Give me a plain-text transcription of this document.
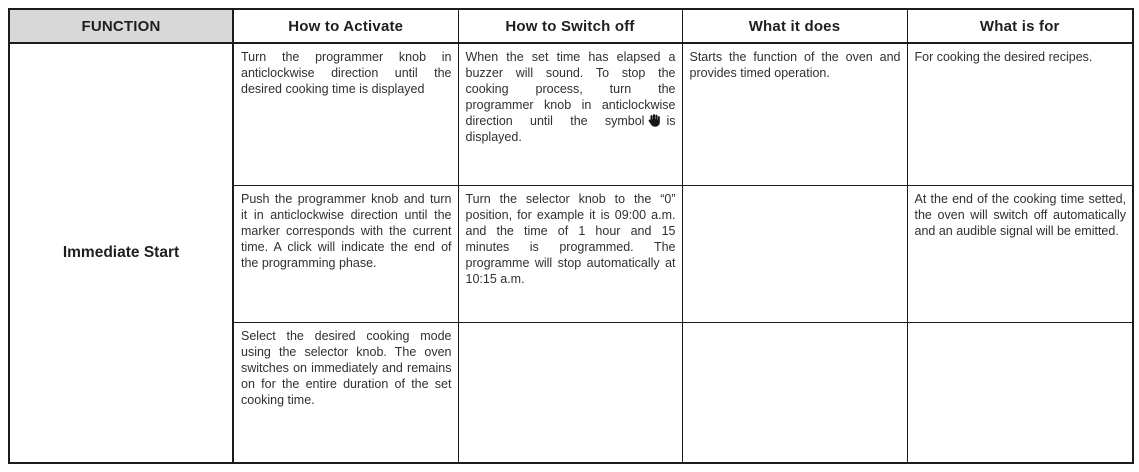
FUNCTION	How to Activate	How to Switch off	What it does	What is for
Immediate Start	Turn the programmer knob in anticlockwise direction until the desired cooking time is displayed	When the set time has elapsed a buzzer will sound. To stop the cooking process, turn the programmer knob in anticlockwise direction until the symbol is displayed.	Starts the function of the oven and provides timed operation.	For cooking the desired recipes.
	Push the programmer knob and turn it in anticlockwise direction until the marker corresponds with the current time. A click will indicate the end of the programming phase.	Turn the selector knob to the “0” position, for example it is 09:00 a.m. and the time of 1 hour and 15 minutes is programmed. The programme will stop automatically at 10:15 a.m.		At the end of the cooking time setted, the oven will switch off automatically and an audible signal will be emitted.
	Select the desired cooking mode using the selector knob. The oven switches on immediately and remains on for the entire duration of the set cooking time.			
